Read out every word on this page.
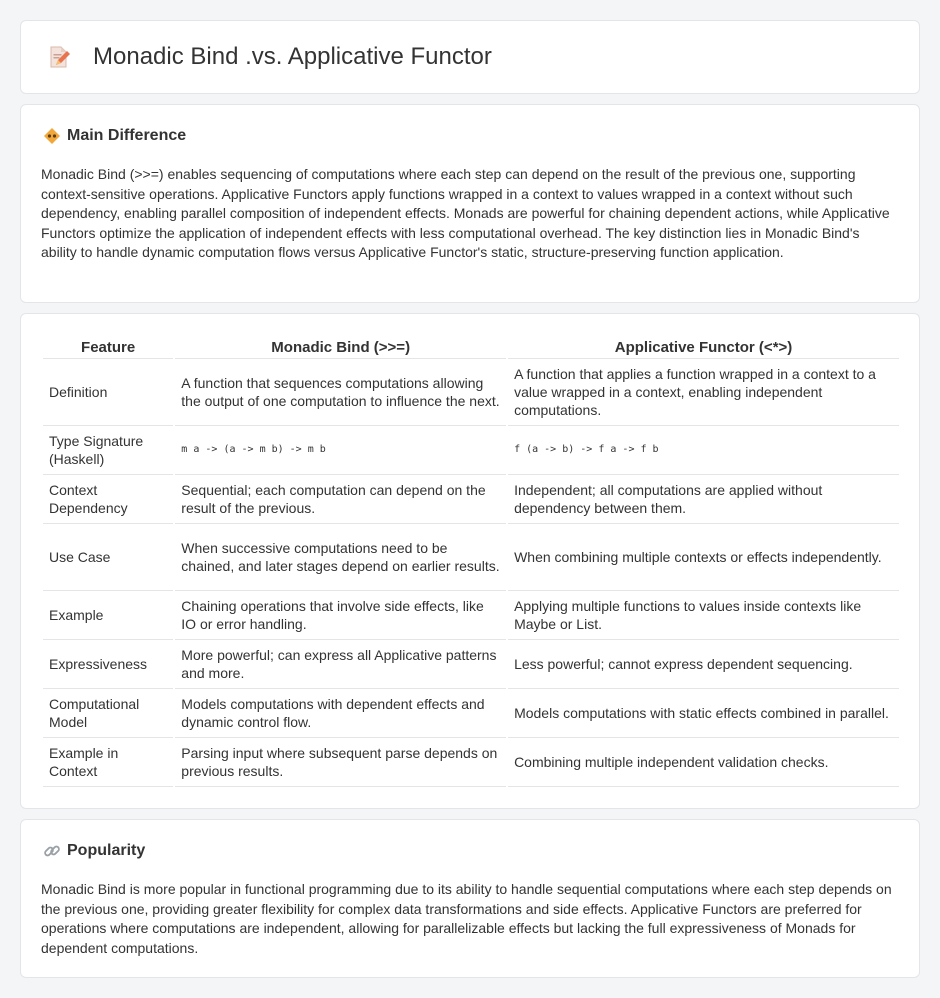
Monadic Bind .vs. Applicative Functor
Main Difference

Monadic Bind (>>=) enables sequencing of computations where each step can depend on the result of the previous one, supporting context-sensitive operations. Applicative Functors apply functions wrapped in a context to values wrapped in a context without such dependency, enabling parallel composition of independent effects. Monads are powerful for chaining dependent actions, while Applicative Functors optimize the application of independent effects with less computational overhead. The key distinction lies in Monadic Bind's ability to handle dynamic computation flows versus Applicative Functor's static, structure-preserving function application.

Feature	Monadic Bind (>>=)	Applicative Functor (<*>)
Definition	A function that sequences computations allowing the output of one computation to influence the next.	A function that applies a function wrapped in a context to a value wrapped in a context, enabling independent computations.
Type Signature (Haskell)	m a -> (a -> m b) -> m b	f (a -> b) -> f a -> f b
Context Dependency	Sequential; each computation can depend on the result of the previous.	Independent; all computations are applied without dependency between them.
Use Case	When successive computations need to be chained, and later stages depend on earlier results.	When combining multiple contexts or effects independently.
Example	Chaining operations that involve side effects, like IO or error handling.	Applying multiple functions to values inside contexts like Maybe or List.
Expressiveness	More powerful; can express all Applicative patterns and more.	Less powerful; cannot express dependent sequencing.
Computational Model	Models computations with dependent effects and dynamic control flow.	Models computations with static effects combined in parallel.
Example in Context	Parsing input where subsequent parse depends on previous results.	Combining multiple independent validation checks.
Popularity

Monadic Bind is more popular in functional programming due to its ability to handle sequential computations where each step depends on the previous one, providing greater flexibility for complex data transformations and side effects. Applicative Functors are preferred for operations where computations are independent, allowing for parallelizable effects but lacking the full expressiveness of Monads for dependent computations.
